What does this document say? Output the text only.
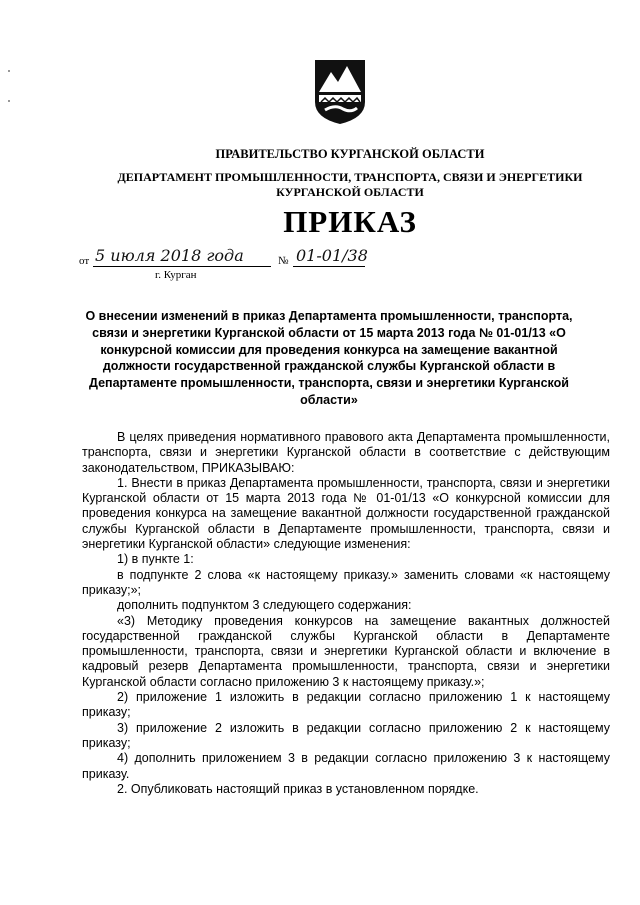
ПРАВИТЕЛЬСТВО КУРГАНСКОЙ ОБЛАСТИ
ДЕПАРТАМЕНТ ПРОМЫШЛЕННОСТИ, ТРАНСПОРТА, СВЯЗИ И ЭНЕРГЕТИКИ
КУРГАНСКОЙ ОБЛАСТИ
ПРИКАЗ
от 5 июля 2018 года	№ 01-01/38
г. Курган
О внесении изменений в приказ Департамента промышленности, транспорта, связи и энергетики Курганской области от 15 марта 2013 года № 01-01/13 «О конкурсной комиссии для проведения конкурса на замещение вакантной должности государственной гражданской службы Курганской области в Департаменте промышленности, транспорта, связи и энергетики Курганской области»

В целях приведения нормативного правового акта Департамента промышленности, транспорта, связи и энергетики Курганской области в соответствие с действующим законодательством, ПРИКАЗЫВАЮ:

1. Внести в приказ Департамента промышленности, транспорта, связи и энергетики Курганской области от 15 марта 2013 года № 01-01/13 «О конкурсной комиссии для проведения конкурса на замещение вакантной должности государственной гражданской службы Курганской области в Департаменте промышленности, транспорта, связи и энергетики Курганской области» следующие изменения:

1) в пункте 1:

в подпункте 2 слова «к настоящему приказу.» заменить словами «к настоящему приказу;»;

дополнить подпунктом 3 следующего содержания:

«3) Методику проведения конкурсов на замещение вакантных должностей государственной гражданской службы Курганской области в Департаменте промышленности, транспорта, связи и энергетики Курганской области и включение в кадровый резерв Департамента промышленности, транспорта, связи и энергетики Курганской области согласно приложению 3 к настоящему приказу.»;

2) приложение 1 изложить в редакции согласно приложению 1 к настоящему приказу;

3) приложение 2 изложить в редакции согласно приложению 2 к настоящему приказу;

4) дополнить приложением 3 в редакции согласно приложению 3 к настоящему приказу.

2. Опубликовать настоящий приказ в установленном порядке.
